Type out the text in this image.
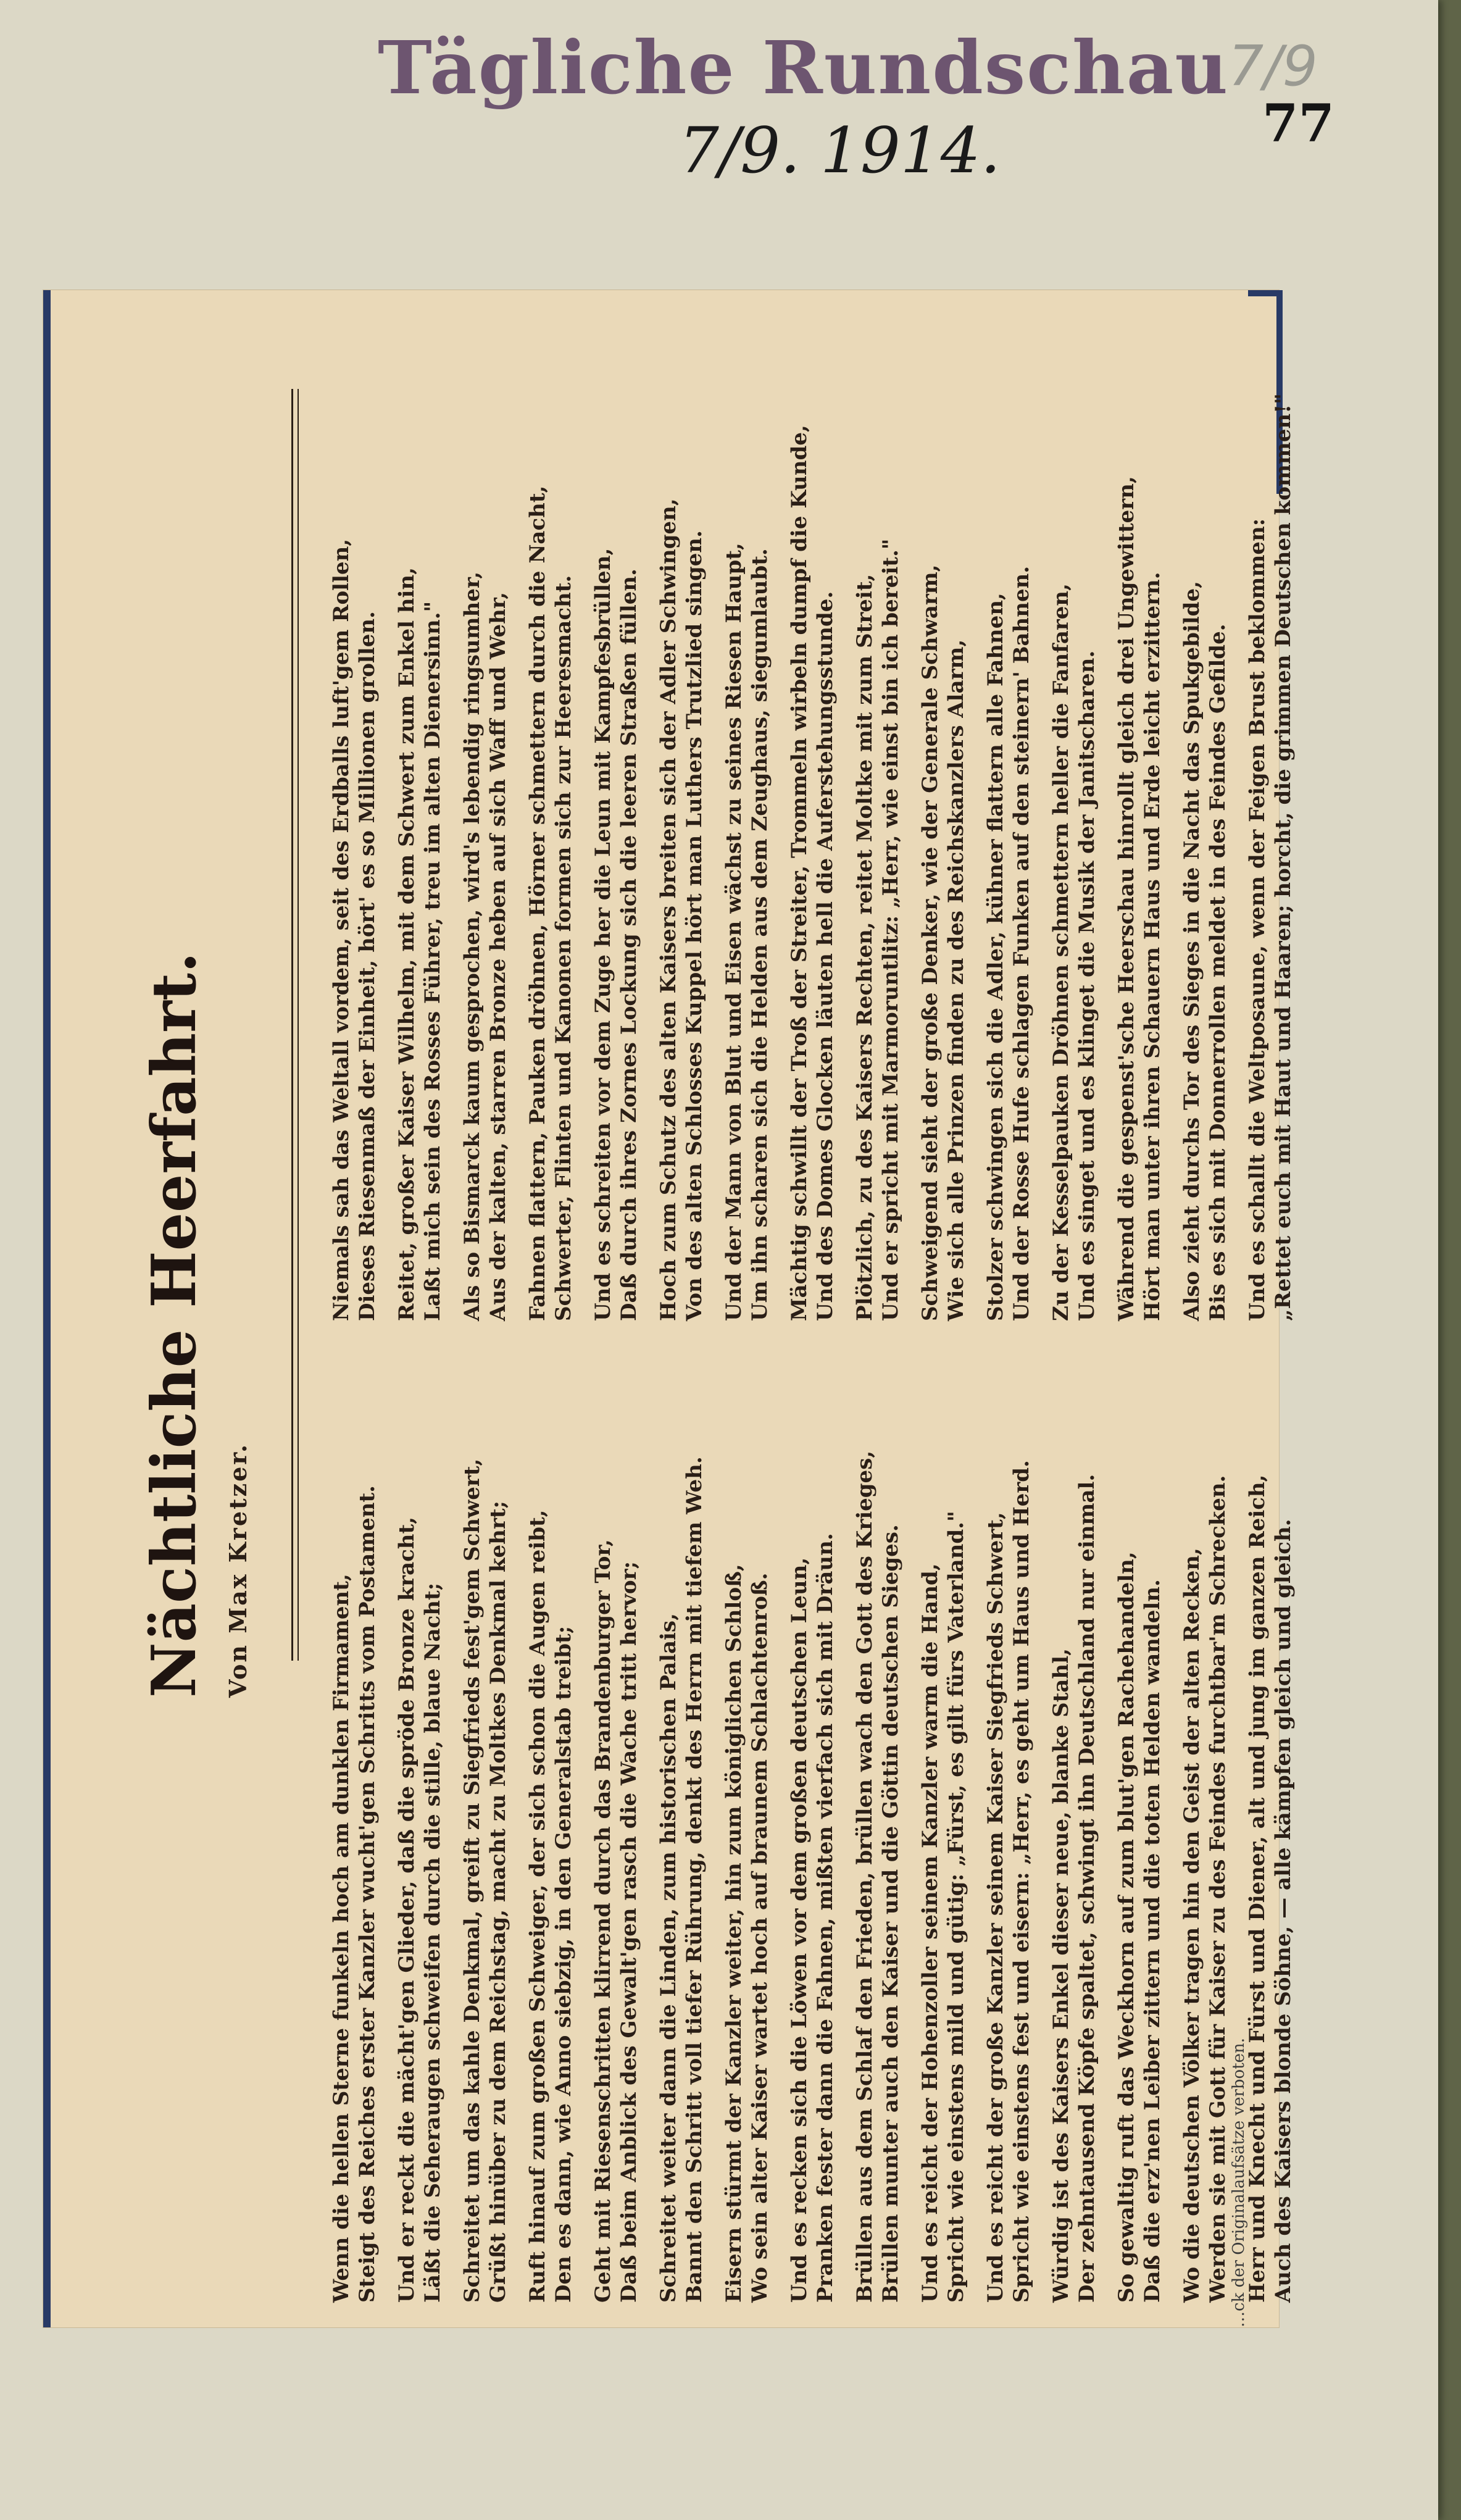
Tägliche Rundschau
7/9. 1914.
7/9
77
…ck der Originalaufsätze verboten.
Nächtliche Heerfahrt. Von Max Kretzer.
Wenn die hellen Sterne funkeln hoch am dunklen Firmament, Steigt des Reiches erster Kanzler wucht'gen Schritts vom Postament. Und er reckt die mächt'gen Glieder, daß die spröde Bronze kracht, Läßt die Seheraugen schweifen durch die stille, blaue Nacht; Schreitet um das kahle Denkmal, greift zu Siegfrieds fest'gem Schwert, Grüßt hinüber zu dem Reichstag, macht zu Moltkes Denkmal kehrt; Ruft hinauf zum großen Schweiger, der sich schon die Augen reibt, Den es dann, wie Anno siebzig, in den Generalstab treibt; Geht mit Riesenschritten klirrend durch das Brandenburger Tor, Daß beim Anblick des Gewalt'gen rasch die Wache tritt hervor; Schreitet weiter dann die Linden, zum historischen Palais, Bannt den Schritt voll tiefer Rührung, denkt des Herrn mit tiefem Weh. Eisern stürmt der Kanzler weiter, hin zum königlichen Schloß, Wo sein alter Kaiser wartet hoch auf braunem Schlachtenroß. Und es recken sich die Löwen vor dem großen deutschen Leun, Pranken fester dann die Fahnen, mißten vierfach sich mit Dräun. Brüllen aus dem Schlaf den Frieden, brüllen wach den Gott des Krieges, Brüllen munter auch den Kaiser und die Göttin deutschen Sieges. Und es reicht der Hohenzoller seinem Kanzler warm die Hand, Spricht wie einstens mild und gütig: „Fürst, es gilt fürs Vaterland." Und es reicht der große Kanzler seinem Kaiser Siegfrieds Schwert, Spricht wie einstens fest und eisern: „Herr, es geht um Haus und Herd. Würdig ist des Kaisers Enkel dieser neue, blanke Stahl, Der zehntausend Köpfe spaltet, schwingt ihn Deutschland nur einmal. So gewaltig ruft das Weckhorn auf zum blut'gen Rachehandeln, Daß die erz'nen Leiber zittern und die toten Helden wandeln. Wo die deutschen Völker tragen hin den Geist der alten Recken, Werden sie mit Gott für Kaiser zu des Feindes furchtbar'm Schrecken. Herr und Knecht und Fürst und Diener, alt und jung im ganzen Reich, Auch des Kaisers blonde Söhne, — alle kämpfen gleich und gleich.
Niemals sah das Weltall vordem, seit des Erdballs luft'gem Rollen, Dieses Riesenmaß der Einheit, hört' es so Millionen grollen. Reitet, großer Kaiser Wilhelm, mit dem Schwert zum Enkel hin, Laßt mich sein des Rosses Führer, treu im alten Dienersinn." Als so Bismarck kaum gesprochen, wird's lebendig ringsumher, Aus der kalten, starren Bronze heben auf sich Waff und Wehr, Fahnen flattern, Pauken dröhnen, Hörner schmettern durch die Nacht, Schwerter, Flinten und Kanonen formen sich zur Heeresmacht. Und es schreiten vor dem Zuge her die Leun mit Kampfesbrüllen, Daß durch ihres Zornes Lockung sich die leeren Straßen füllen. Hoch zum Schutz des alten Kaisers breiten sich der Adler Schwingen, Von des alten Schlosses Kuppel hört man Luthers Trutzlied singen. Und der Mann von Blut und Eisen wächst zu seines Riesen Haupt, Um ihn scharen sich die Helden aus dem Zeughaus, siegumlaubt. Mächtig schwillt der Troß der Streiter, Trommeln wirbeln dumpf die Kunde, Und des Domes Glocken läuten hell die Auferstehungsstunde. Plötzlich, zu des Kaisers Rechten, reitet Moltke mit zum Streit, Und er spricht mit Marmoruntlitz: „Herr, wie einst bin ich bereit." Schweigend sieht der große Denker, wie der Generale Schwarm, Wie sich alle Prinzen finden zu des Reichskanzlers Alarm, Stolzer schwingen sich die Adler, kühner flattern alle Fahnen, Und der Rosse Hufe schlagen Funken auf den steinern' Bahnen. Zu der Kesselpauken Dröhnen schmettern heller die Fanfaren, Und es singet und es klinget die Musik der Janitscharen. Während die gespenst'sche Heerschau hinrollt gleich drei Ungewittern, Hört man unter ihren Schauern Haus und Erde leicht erzittern. Also zieht durchs Tor des Sieges in die Nacht das Spukgebilde, Bis es sich mit Donnerrollen meldet in des Feindes Gefilde. Und es schallt die Weltposaune, wenn der Feigen Brust beklommen: „Rettet euch mit Haut und Haaren; horcht, die grimmen Deutschen kommen!"
